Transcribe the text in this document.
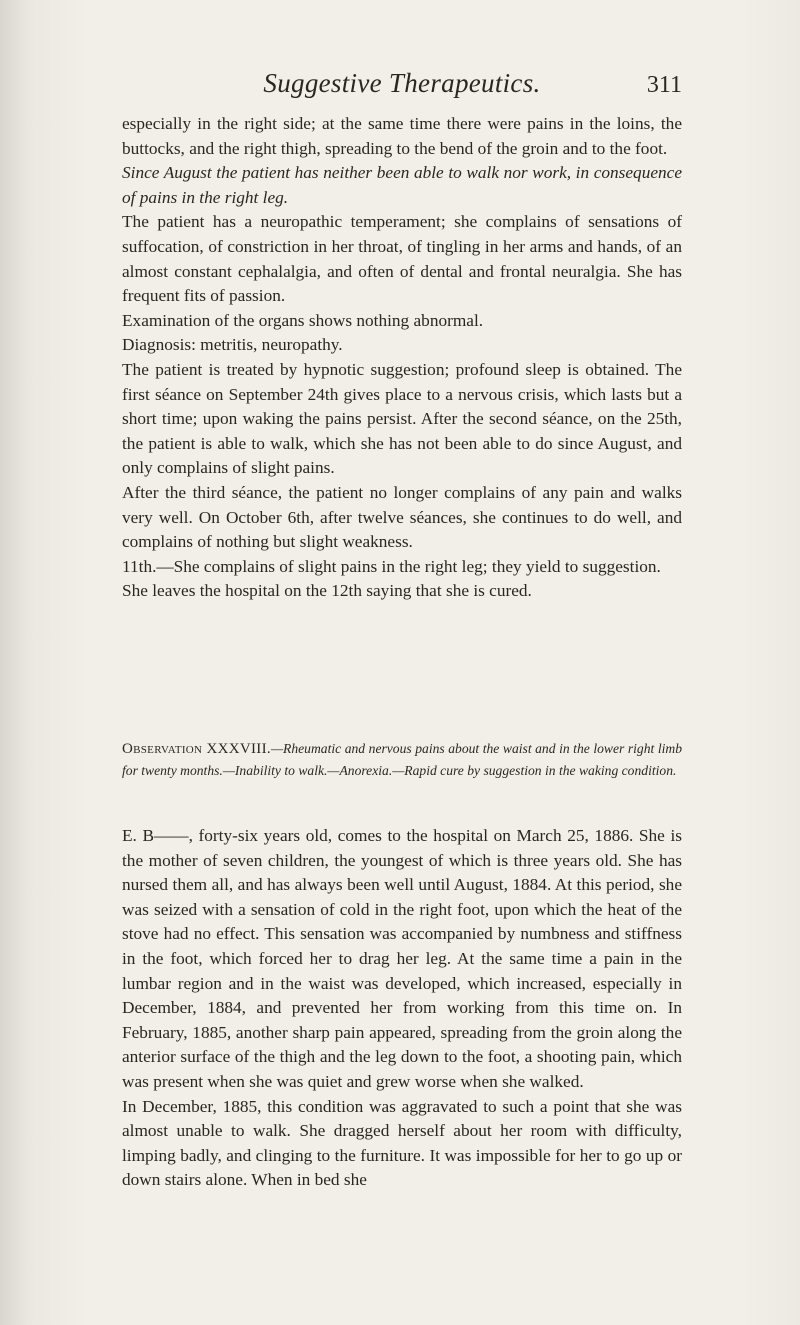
Suggestive Therapeutics.	311

especially in the right side; at the same time there were pains in the loins, the buttocks, and the right thigh, spreading to the bend of the groin and to the foot.

Since August the patient has neither been able to walk nor work, in consequence of pains in the right leg.

The patient has a neuropathic temperament; she complains of sensations of suffocation, of constriction in her throat, of tingling in her arms and hands, of an almost constant cephalalgia, and often of dental and frontal neuralgia. She has frequent fits of passion.

Examination of the organs shows nothing abnormal.

Diagnosis: metritis, neuropathy.

The patient is treated by hypnotic suggestion; profound sleep is obtained. The first séance on September 24th gives place to a nervous crisis, which lasts but a short time; upon waking the pains persist. After the second séance, on the 25th, the patient is able to walk, which she has not been able to do since August, and only complains of slight pains.

After the third séance, the patient no longer complains of any pain and walks very well. On October 6th, after twelve séances, she continues to do well, and complains of nothing but slight weakness.

11th.—She complains of slight pains in the right leg; they yield to suggestion.

She leaves the hospital on the 12th saying that she is cured.

Observation XXXVIII.—Rheumatic and nervous pains about the waist and in the lower right limb for twenty months.—Inability to walk.—Anorexia.—Rapid cure by suggestion in the waking condition.

E. B——, forty-six years old, comes to the hospital on March 25, 1886. She is the mother of seven children, the youngest of which is three years old. She has nursed them all, and has always been well until August, 1884. At this period, she was seized with a sensation of cold in the right foot, upon which the heat of the stove had no effect. This sensation was accompanied by numbness and stiffness in the foot, which forced her to drag her leg. At the same time a pain in the lumbar region and in the waist was developed, which increased, especially in December, 1884, and prevented her from working from this time on. In February, 1885, another sharp pain appeared, spreading from the groin along the anterior surface of the thigh and the leg down to the foot, a shooting pain, which was present when she was quiet and grew worse when she walked.

In December, 1885, this condition was aggravated to such a point that she was almost unable to walk. She dragged herself about her room with difficulty, limping badly, and clinging to the furniture. It was impossible for her to go up or down stairs alone. When in bed she
